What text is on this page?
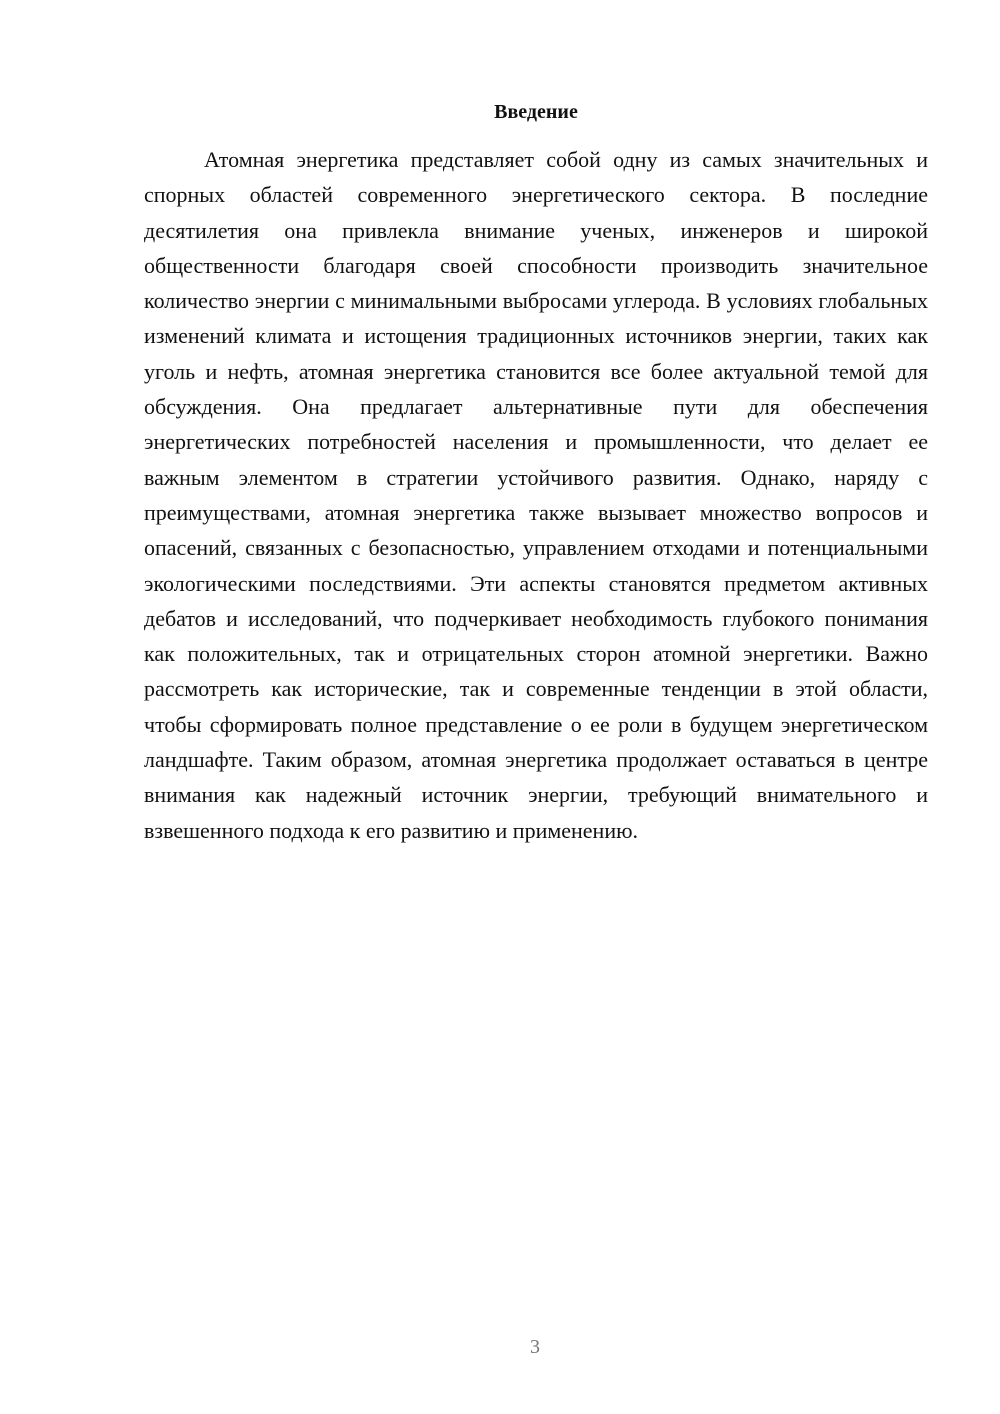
Введение

Атомная энергетика представляет собой одну из самых значительных и спорных областей современного энергетического сектора. В последние десятилетия она привлекла внимание ученых, инженеров и широкой общественности благодаря своей способности производить значительное количество энергии с минимальными выбросами углерода. В условиях глобальных изменений климата и истощения традиционных источников энергии, таких как уголь и нефть, атомная энергетика становится все более актуальной темой для обсуждения. Она предлагает альтернативные пути для обеспечения энергетических потребностей населения и промышленности, что делает ее важным элементом в стратегии устойчивого развития. Однако, наряду с преимуществами, атомная энергетика также вызывает множество вопросов и опасений, связанных с безопасностью, управлением отходами и потенциальными экологическими последствиями. Эти аспекты становятся предметом активных дебатов и исследований, что подчеркивает необходимость глубокого понимания как положительных, так и отрицательных сторон атомной энергетики. Важно рассмотреть как исторические, так и современные тенденции в этой области, чтобы сформировать полное представление о ее роли в будущем энергетическом ландшафте. Таким образом, атомная энергетика продолжает оставаться в центре внимания как надежный источник энергии, требующий внимательного и взвешенного подхода к его развитию и применению.

3
